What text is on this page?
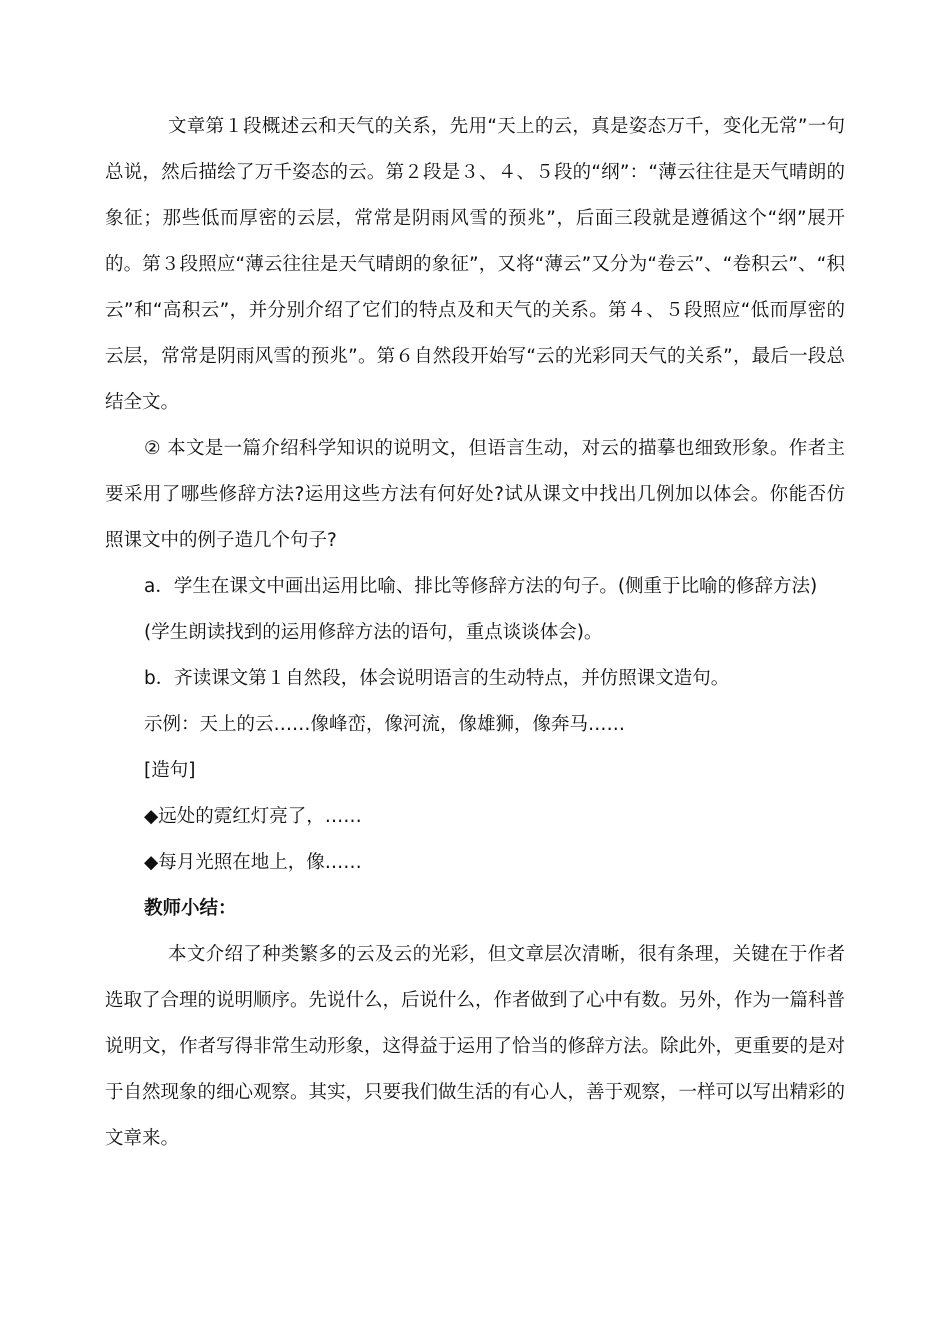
文章第１段概述云和天气的关系，先用“天上的云，真是姿态万千，变化无常”一句总说，然后描绘了万千姿态的云。第２段是３、４、５段的“纲”：“薄云往往是天气晴朗的象征；那些低而厚密的云层，常常是阴雨风雪的预兆”，后面三段就是遵循这个“纲”展开的。第３段照应“薄云往往是天气晴朗的象征”，又将“薄云”又分为“卷云”、“卷积云”、“积云”和“高积云”，并分别介绍了它们的特点及和天气的关系。第４、５段照应“低而厚密的云层，常常是阴雨风雪的预兆”。第６自然段开始写“云的光彩同天气的关系”，最后一段总结全文。

② 本文是一篇介绍科学知识的说明文，但语言生动，对云的描摹也细致形象。作者主要采用了哪些修辞方法?运用这些方法有何好处?试从课文中找出几例加以体会。你能否仿照课文中的例子造几个句子?

a．学生在课文中画出运用比喻、排比等修辞方法的句子。(侧重于比喻的修辞方法)

(学生朗读找到的运用修辞方法的语句，重点谈谈体会)。

b．齐读课文第１自然段，体会说明语言的生动特点，并仿照课文造句。

示例：天上的云……像峰峦，像河流，像雄狮，像奔马……

[造句]

◆远处的霓红灯亮了，……

◆每月光照在地上，像……

教师小结：

本文介绍了种类繁多的云及云的光彩，但文章层次清晰，很有条理，关键在于作者选取了合理的说明顺序。先说什么，后说什么，作者做到了心中有数。另外，作为一篇科普说明文，作者写得非常生动形象，这得益于运用了恰当的修辞方法。除此外，更重要的是对于自然现象的细心观察。其实，只要我们做生活的有心人，善于观察，一样可以写出精彩的文章来。
